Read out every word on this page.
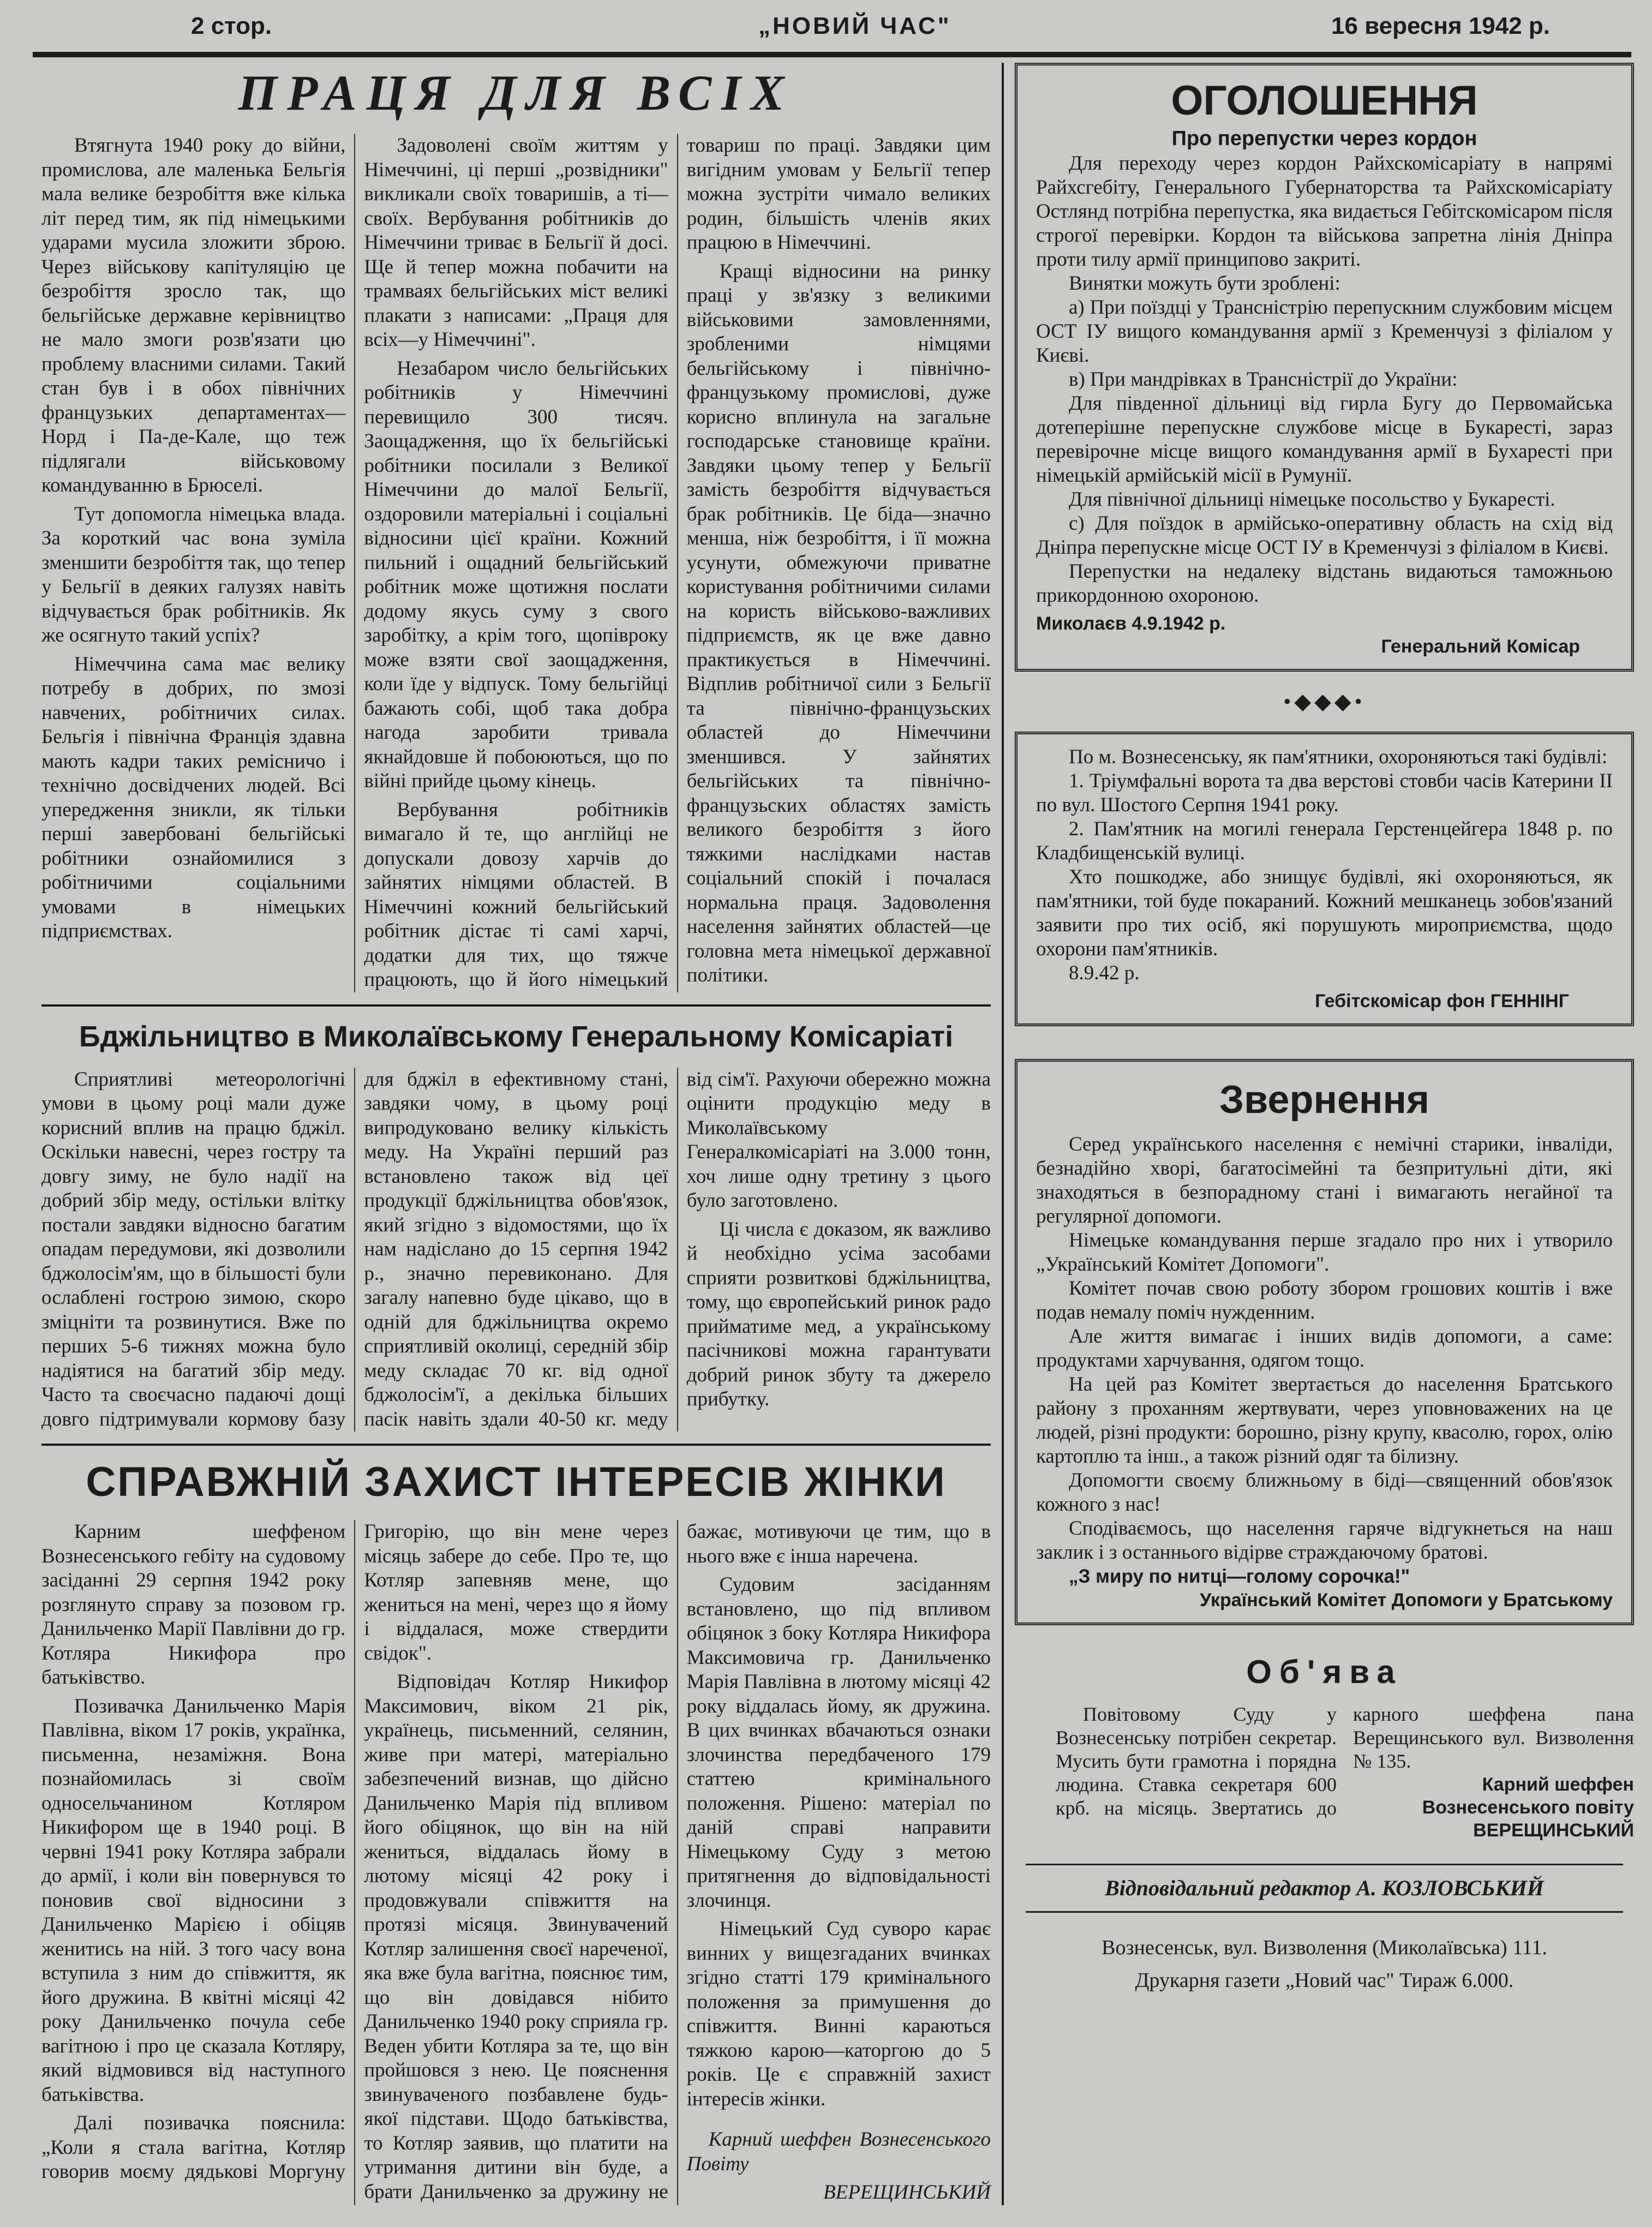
2 стор.	„НОВИЙ ЧАС"	16 вересня 1942 р.
ПРАЦЯ ДЛЯ ВСІХ

Втягнута 1940 року до війни, промислова, але маленька Бельгія мала велике безробіття вже кілька літ перед тим, як під німецькими ударами мусила зложити зброю. Через військову капітуляцію це безробіття зросло так, що бельгійське державне керівництво не мало змоги розв'язати цю проблему власними силами. Такий стан був і в обох північних французьких департаментах—Норд і Па-де-Кале, що теж підлягали військовому командуванню в Брюселі.

Тут допомогла німецька влада. За короткий час вона зуміла зменшити безробіття так, що тепер у Бельгії в деяких галузях навіть відчувається брак робітників. Як же осягнуто такий успіх?

Німеччина сама має велику потребу в добрих, по змозі навчених, робітничих силах. Бельгія і північна Франція здавна мають кадри таких ремісничо і технічно досвідчених людей. Всі упередження зникли, як тільки перші завербовані бельгійські робітники ознайомилися з робітничими соціальними умовами в німецьких підприємствах.

Задоволені своїм життям у Німеччині, ці перші „розвідники" викликали своїх товаришів, а ті—своїх. Вербування робітників до Німеччини триває в Бельгії й досі. Ще й тепер можна побачити на трамваях бельгійських міст великі плакати з написами: „Праця для всіх—у Німеччині".

Незабаром число бельгійських робітників у Німеччині перевищило 300 тисяч. Заощадження, що їх бельгійські робітники посилали з Великої Німеччини до малої Бельгії, оздоровили матеріальні і соціальні відносини цієї країни. Кожний пильний і ощадний бельгійський робітник може щотижня послати додому якусь суму з свого заробітку, а крім того, щопівроку може взяти свої заощадження, коли їде у відпуск. Тому бельгійці бажають собі, щоб така добра нагода заробити тривала якнайдовше й побоюються, що по війні прийде цьому кінець.

Вербування робітників вимагало й те, що англійці не допускали довозу харчів до зайнятих німцями областей. В Німеччині кожний бельгійський робітник дістає ті самі харчі, додатки для тих, що тяжче працюють, що й його німецький товариш по праці. Завдяки цим вигідним умовам у Бельгії тепер можна зустріти чимало великих родин, більшість членів яких працюю в Німеччині.

Кращі відносини на ринку праці у зв'язку з великими військовими замовленнями, зробленими німцями бельгійському і північно-французькому промислові, дуже корисно вплинула на загальне господарське становище країни. Завдяки цьому тепер у Бельгії замість безробіття відчувається брак робітників. Це біда—значно менша, ніж безробіття, і її можна усунути, обмежуючи приватне користування робітничими силами на користь військово-важливих підприємств, як це вже давно практикується в Німеччині. Відплив робітничої сили з Бельгії та північно-французьских областей до Німеччини зменшився. У зайнятих бельгійських та північно-французьских областях замість великого безробіття з його тяжкими наслідками настав соціальний спокій і почалася нормальна праця. Задоволення населення зайнятих областей—це головна мета німецької державної політики.

Бджільництво в Миколаївському Генеральному Комісаріаті

Сприятливі метеорологічні умови в цьому році мали дуже корисний вплив на працю бджіл. Оскільки навесні, через гостру та довгу зиму, не було надії на добрий збір меду, остільки влітку постали завдяки відносно багатим опадам передумови, які дозволили бджолосім'ям, що в більшості були ослаблені гострою зимою, скоро зміцніти та розвинутися. Вже по перших 5-6 тижнях можна було надіятися на багатий збір меду. Часто та своєчасно падаючі дощі довго підтримували кормову базу для бджіл в ефективному стані, завдяки чому, в цьому році випродуковано велику кількість меду. На Україні перший раз встановлено також від цеї продукції бджільництва обов'язок, який згідно з відомостями, що їх нам надіслано до 15 серпня 1942 р., значно перевиконано. Для загалу напевно буде цікаво, що в одній для бджільництва окремо сприятливій околиці, середній збір меду складає 70 кг. від одної бджолосім'ї, а декілька більших пасік навіть здали 40-50 кг. меду від сім'ї. Рахуючи обережно можна оцінити продукцію меду в Миколаївському Генералкомісаріаті на 3.000 тонн, хоч лише одну третину з цього було заготовлено.

Ці числа є доказом, як важливо й необхідно усіма засобами сприяти розвиткові бджільництва, тому, що європейський ринок радо прийматиме мед, а українському пасічникові можна гарантувати добрий ринок збуту та джерело прибутку.

СПРАВЖНІЙ ЗАХИСТ ІНТЕРЕСІВ ЖІНКИ

Карним шеффеном Вознесенського гебіту на судовому засіданні 29 серпня 1942 року розглянуто справу за позовом гр. Данильченко Марії Павлівни до гр. Котляра Никифора про батьківство.

Позивачка Данильченко Марія Павлівна, віком 17 років, українка, письменна, незаміжня. Вона познайомилась зі своїм односельчанином Котляром Никифором ще в 1940 році. В червні 1941 року Котляра забрали до армії, і коли він повернувся то поновив свої відносини з Данильченко Марією і обіцяв женитись на ній. З того часу вона вступила з ним до співжиття, як його дружина. В квітні місяці 42 року Данильченко почула себе вагітною і про це сказала Котляру, який відмовився від наступного батьківства.

Далі позивачка пояснила: „Коли я стала вагітна, Котляр говорив моєму дядькові Моргуну Григорію, що він мене через місяць забере до себе. Про те, що Котляр запевняв мене, що жениться на мені, через що я йому і віддалася, може ствердити свідок".

Відповідач Котляр Никифор Максимович, віком 21 рік, українець, письменний, селянин, живе при матері, матеріально забезпечений визнав, що дійсно Данильченко Марія під впливом його обіцянок, що він на ній жениться, віддалась йому в лютому місяці 42 року і продовжували співжиття на протязі місяця. Звинувачений Котляр залишення своєї нареченої, яка вже була вагітна, пояснює тим, що він довідався нібито Данильченко 1940 року сприяла гр. Веден убити Котляра за те, що він пройшовся з нею. Це пояснення звинуваченого позбавлене будь-якої підстави. Щодо батьківства, то Котляр заявив, що платити на утримання дитини він буде, а брати Данильченко за дружину не бажає, мотивуючи це тим, що в нього вже є інша наречена.

Судовим засіданням встановлено, що під впливом обіцянок з боку Котляра Никифора Максимовича гр. Данильченко Марія Павлівна в лютому місяці 42 року віддалась йому, як дружина. В цих вчинках вбачаються ознаки злочинства передбаченого 179 статтею кримінального положення. Рішено: матеріал по даній справі направити Німецькому Суду з метою притягнення до відповідальності злочинця.

Німецький Суд суворо карає винних у вищезгаданих вчинках згідно статті 179 кримінального положення за примушення до співжиття. Винні караються тяжкою карою—каторгою до 5 років. Це є справжній захист інтересів жінки.

Карний шеффен Вознесенського Повіту

ВЕРЕЩИНСЬКИЙ

ОГОЛОШЕННЯ
Про перепустки через кордон

Для переходу через кордон Райхскомісаріату в напрямі Райхсгебіту, Генерального Губернаторства та Райхскомісаріату Остлянд потрібна перепустка, яка видається Гебітскомісаром після строгої перевірки. Кордон та військова запретна лінія Дніпра проти тилу армії принципово закриті.

Винятки можуть бути зроблені:

а) При поїздці у Трансністрію перепускним службовим місцем ОСТ IУ вищого командування армії з Кременчузі з філіалом у Києві.

в) При мандрівках в Трансністрії до України:

Для південної дільниці від гирла Бугу до Первомайська дотеперішне перепускне службове місце в Букаресті, зараз перевірочне місце вищого командування армії в Бухаресті при німецькій армійській місії в Румунії.

Для північної дільниці німецьке посольство у Букаресті.

с) Для поїздок в армійсько-оперативну область на схід від Дніпра перепускне місце ОСТ IУ в Кременчузі з філіалом в Києві.

Перепустки на недалеку відстань видаються таможньою прикордонною охороною.

Миколаєв 4.9.1942 р.
Генеральний Комісар
•◆◆◆•

По м. Вознесенську, як пам'ятники, охороняються такі будівлі:

1. Тріумфальні ворота та два верстові стовби часів Катерини II по вул. Шостого Серпня 1941 року.

2. Пам'ятник на могилі генерала Герстенцейгера 1848 р. по Кладбищенській вулиці.

Хто пошкодже, або знищує будівлі, які охороняються, як пам'ятники, той буде покараний. Кожний мешканець зобов'язаний заявити про тих осіб, які порушують мироприємства, щодо охорони пам'ятників.

8.9.42 р.

Гебітскомісар фон ГЕННІНГ
Звернення

Серед українського населення є немічні старики, інваліди, безнадійно хворі, багатосімейні та безпритульні діти, які знаходяться в безпорадному стані і вимагають негайної та регулярної допомоги.

Німецьке командування перше згадало про них і утворило „Український Комітет Допомоги".

Комітет почав свою роботу збором грошових коштів і вже подав немалу поміч нужденним.

Але життя вимагає і інших видів допомоги, а саме: продуктами харчування, одягом тощо.

На цей раз Комітет звертається до населення Братського району з проханням жертвувати, через уповноважених на це людей, різні продукти: борошно, різну крупу, квасолю, горох, олію картоплю та інш., а також різний одяг та білизну.

Допомогти своєму ближньому в біді—священний обов'язок кожного з нас!

Сподіваємось, що населення гаряче відгукнеться на наш заклик і з останнього відірве страждаючому братові.

„З миру по нитці—голому сорочка!"

Український Комітет Допомоги у Братському
Об'ява
Повітовому Суду у Вознесенську потрібен секретар. Мусить бути грамотна і порядна людина. Ставка секретаря 600 крб. на місяць. Звертатись до карного шеффена пана Верещинського вул. Визволення № 135.
Карний шеффен Вознесенського повіту
ВЕРЕЩИНСЬКИЙ
Відповідальний редактор А. КОЗЛОВСЬКИЙ
Вознесенськ, вул. Визволення (Миколаївська) 111.
Друкарня газети „Новий час" Тираж 6.000.
